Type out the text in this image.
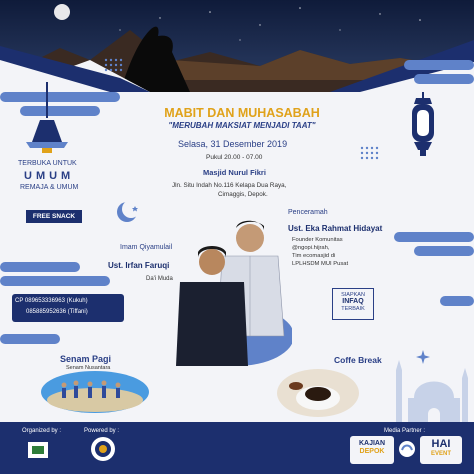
MABIT DAN MUHASABAH
"MERUBAH MAKSIAT MENJADI TAAT"
Selasa, 31 Desember 2019
Pukul 20.00 - 07.00
Masjid Nurul Fikri
Jln. Situ Indah No.116 Kelapa Dua Raya,
Cimaggis, Depok.
TERBUKA UNTUK
UMUM
REMAJA & UMUM
FREE SNACK
Penceramah
Ust. Eka Rahmat Hidayat
Founder Komunitas
@ngopi.hijrah,
Tim ecomasjid di
LPLHSDM MUI Pusat
Imam Qiyamulail
Ust. Irfan Faruqi
Da'i Muda
SIAPKAN
INFAQ
TERBAIK
CP 089653336963 (Kukuh)
085885952636 (Tiffani)
Senam Pagi
Senam Nusantara
Coffe Break
Organized by :	Powered by :	Media Partner :
KAJIAN
DEPOK
HAI
EVENT
